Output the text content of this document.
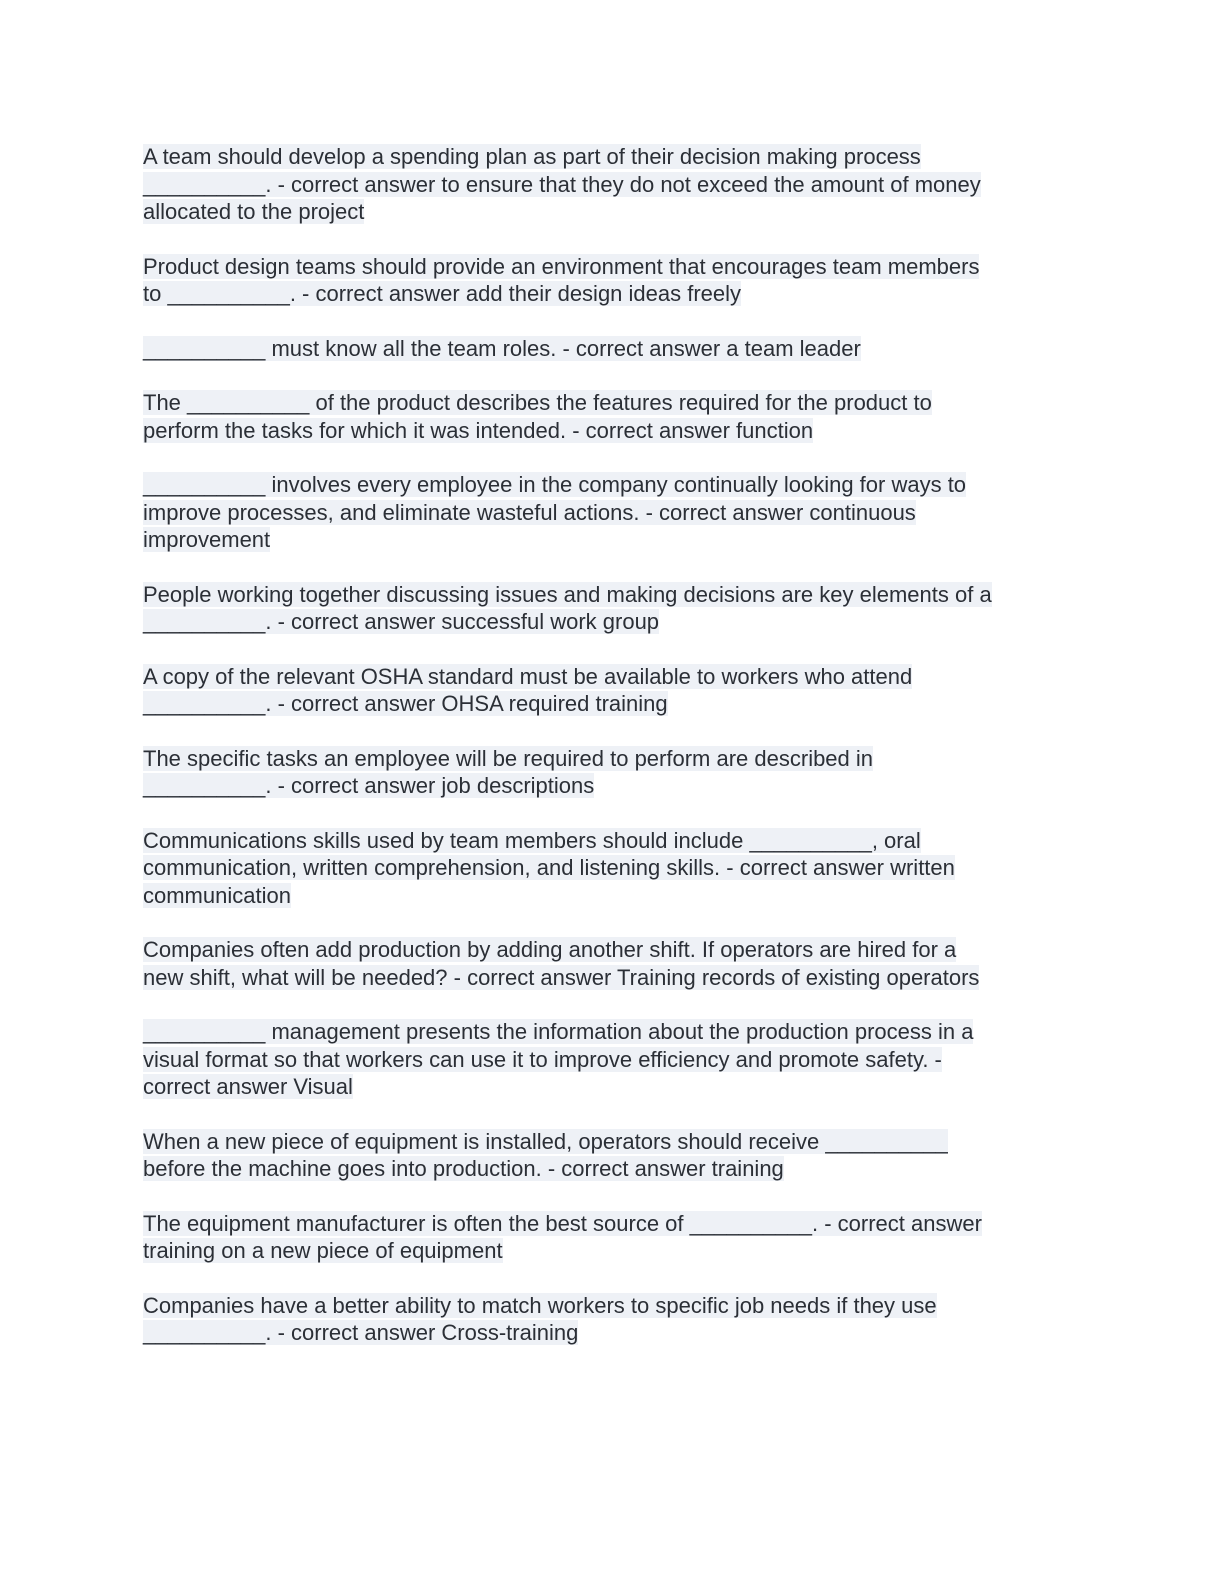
A team should develop a spending plan as part of their decision making process
__________. - correct answer to ensure that they do not exceed the amount of money
allocated to the project
Product design teams should provide an environment that encourages team members
to __________. - correct answer add their design ideas freely
__________ must know all the team roles. - correct answer a team leader
The __________ of the product describes the features required for the product to
perform the tasks for which it was intended. - correct answer function
__________ involves every employee in the company continually looking for ways to
improve processes, and eliminate wasteful actions. - correct answer continuous
improvement
People working together discussing issues and making decisions are key elements of a
__________. - correct answer successful work group
A copy of the relevant OSHA standard must be available to workers who attend
__________. - correct answer OHSA required training
The specific tasks an employee will be required to perform are described in
__________. - correct answer job descriptions
Communications skills used by team members should include __________, oral
communication, written comprehension, and listening skills. - correct answer written
communication
Companies often add production by adding another shift. If operators are hired for a
new shift, what will be needed? - correct answer Training records of existing operators
__________ management presents the information about the production process in a
visual format so that workers can use it to improve efficiency and promote safety. -
correct answer Visual
When a new piece of equipment is installed, operators should receive __________
before the machine goes into production. - correct answer training
The equipment manufacturer is often the best source of __________. - correct answer
training on a new piece of equipment
Companies have a better ability to match workers to specific job needs if they use
__________. - correct answer Cross-training
